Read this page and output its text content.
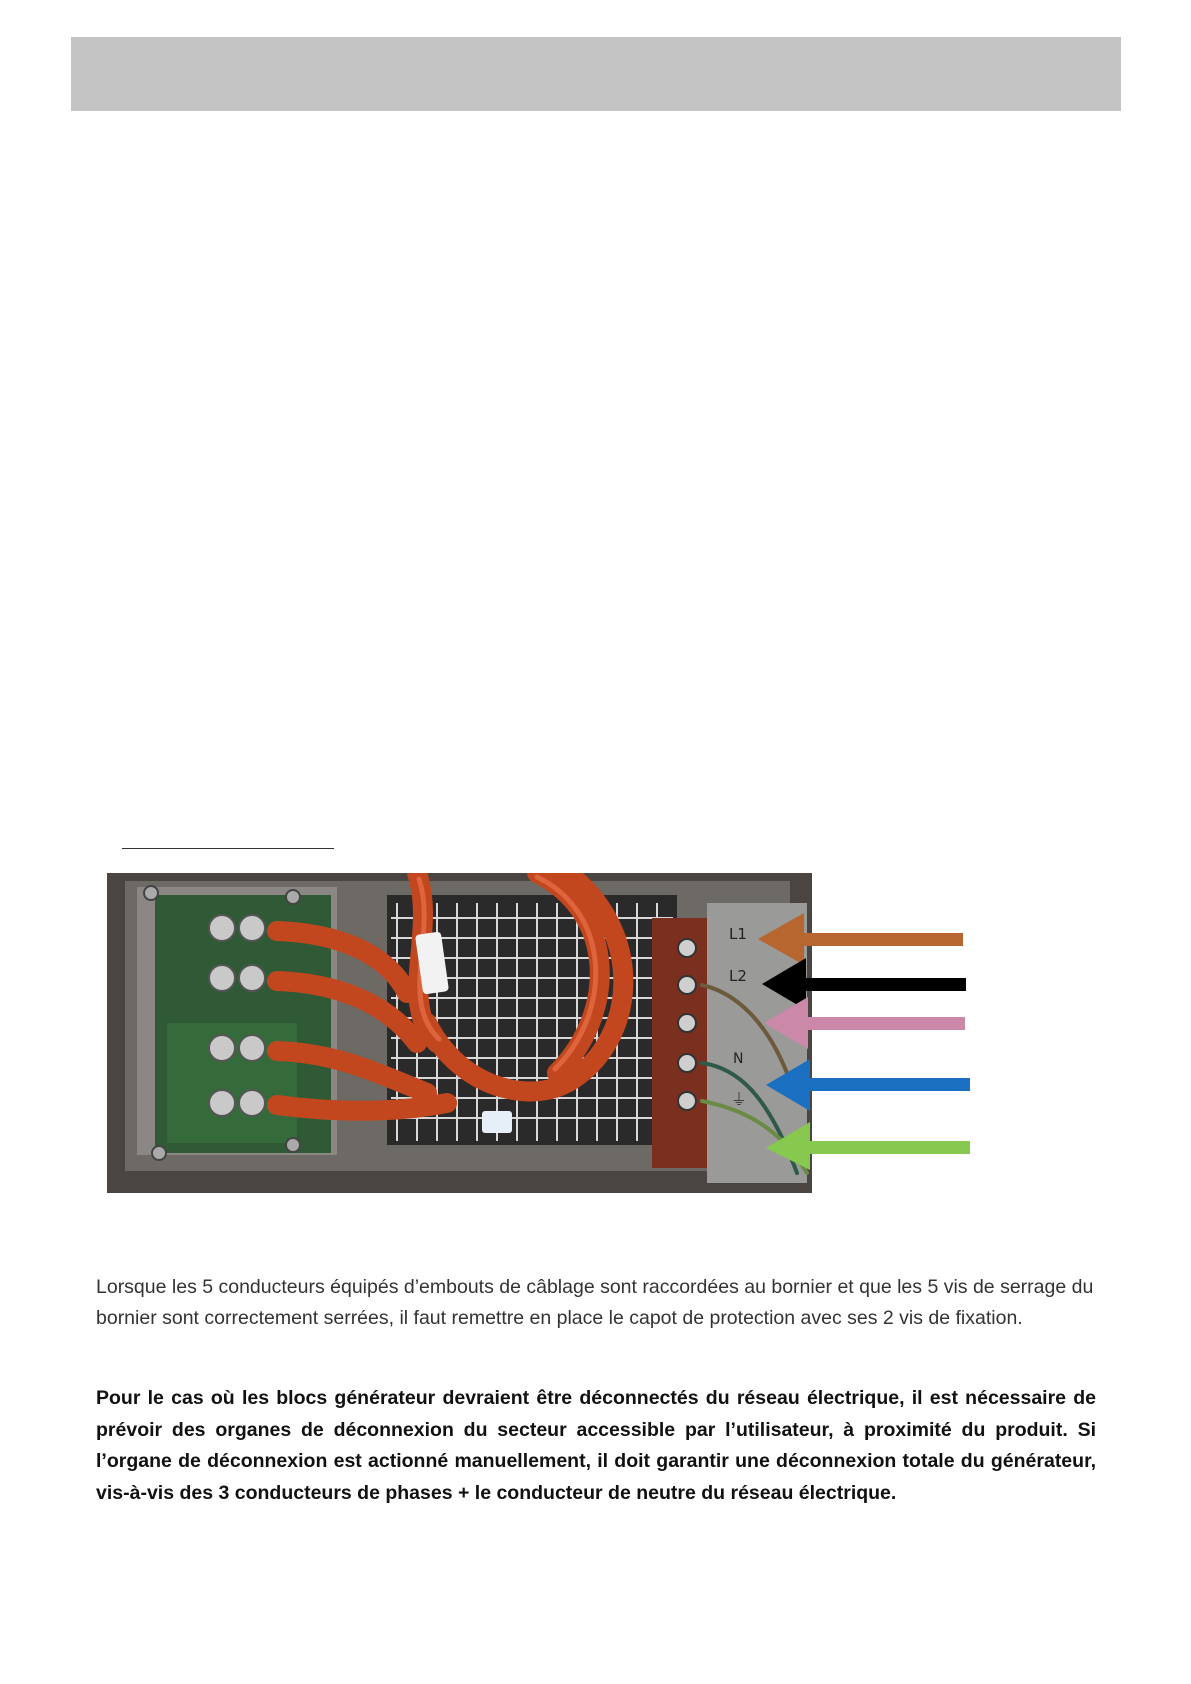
L1
L2
N
⏚

Lorsque les 5 conducteurs équipés d’embouts de câblage sont raccordées au bornier et que les 5 vis de serrage du bornier sont correctement serrées, il faut remettre en place le capot de protection avec ses 2 vis de fixation.

Pour le cas où les blocs générateur devraient être déconnectés du réseau électrique, il est nécessaire de prévoir des organes de déconnexion du secteur accessible par l’utilisateur, à proximité du produit. Si l’organe de déconnexion est actionné manuellement, il doit garantir une déconnexion totale du générateur, vis-à-vis des 3 conducteurs de phases + le conducteur de neutre du réseau électrique.
